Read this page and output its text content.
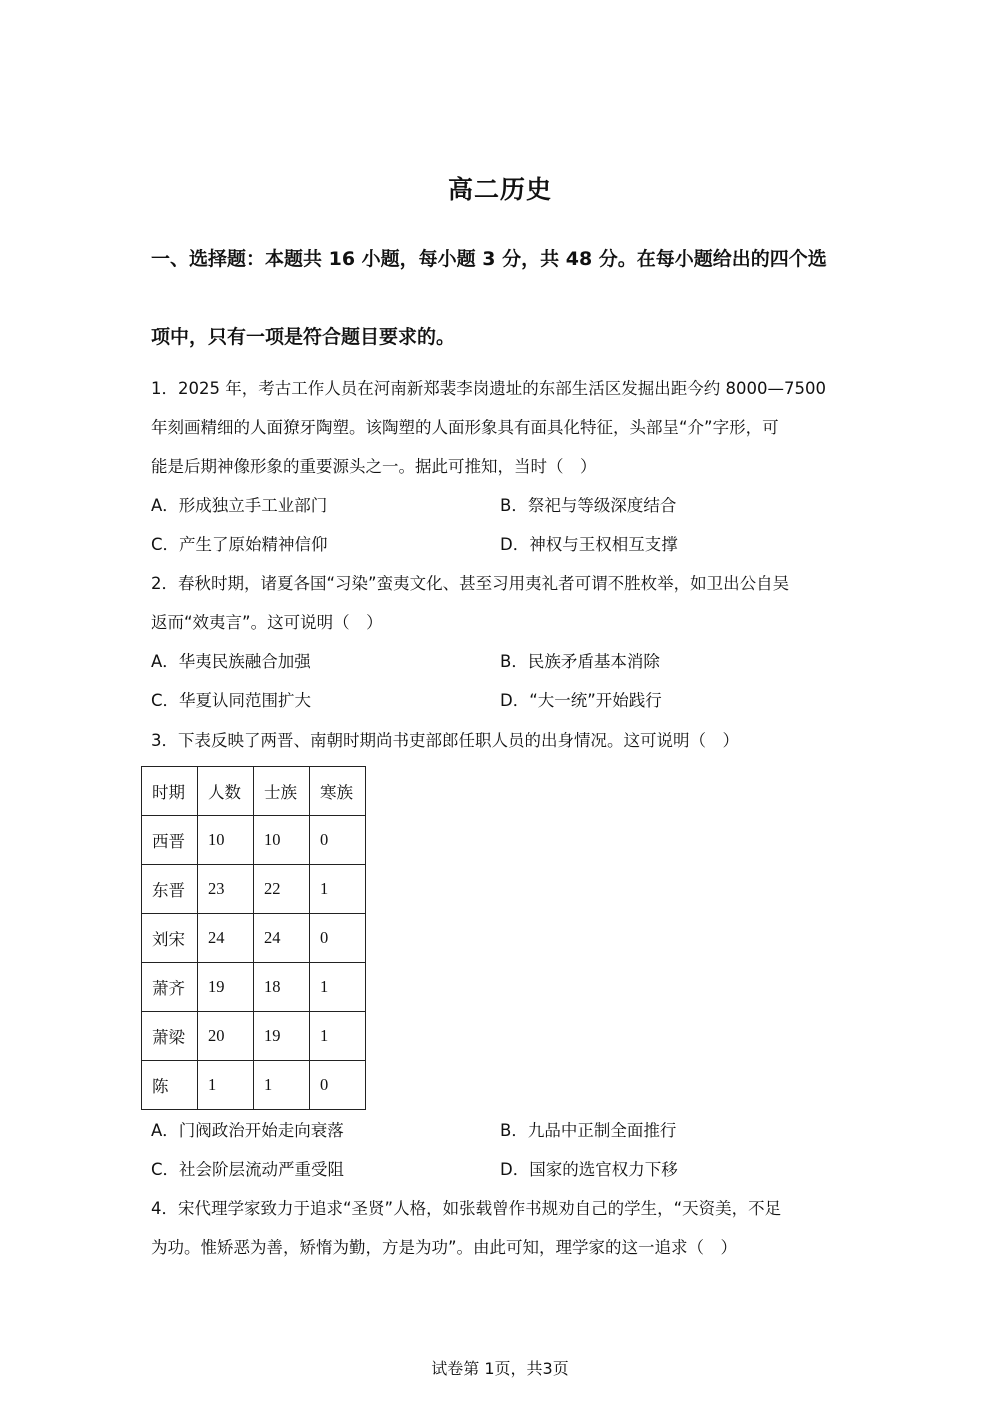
高二历史
一、选择题：本题共 16 小题，每小题 3 分，共 48 分。在每小题给出的四个选
项中，只有一项是符合题目要求的。
1．2025 年，考古工作人员在河南新郑裴李岗遗址的东部生活区发掘出距今约 8000—7500
年刻画精细的人面獠牙陶塑。该陶塑的人面形象具有面具化特征，头部呈“介”字形，可
能是后期神像形象的重要源头之一。据此可推知，当时（　）
A．形成独立手工业部门	B．祭祀与等级深度结合
C．产生了原始精神信仰	D．神权与王权相互支撑
2．春秋时期，诸夏各国“习染”蛮夷文化、甚至习用夷礼者可谓不胜枚举，如卫出公自吴
返而“效夷言”。这可说明（　）
A．华夷民族融合加强	B．民族矛盾基本消除
C．华夏认同范围扩大	D．“大一统”开始践行
3．下表反映了两晋、南朝时期尚书吏部郎任职人员的出身情况。这可说明（　）
时期	人数	士族	寒族
西晋	10	10	0
东晋	23	22	1
刘宋	24	24	0
萧齐	19	18	1
萧梁	20	19	1
陈	1	1	0
A．门阀政治开始走向衰落	B．九品中正制全面推行
C．社会阶层流动严重受阻	D．国家的选官权力下移
4．宋代理学家致力于追求“圣贤”人格，如张载曾作书规劝自己的学生，“天资美，不足
为功。惟矫恶为善，矫惰为勤，方是为功”。由此可知，理学家的这一追求（　）
试卷第 1页，共3页
